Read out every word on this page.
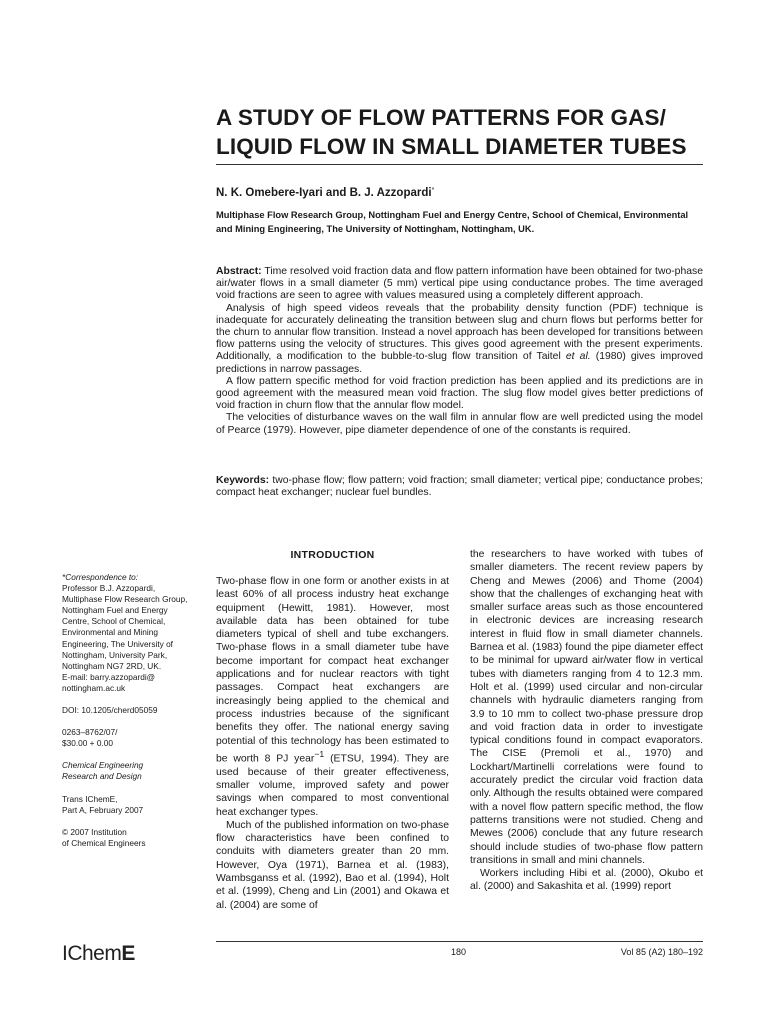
A STUDY OF FLOW PATTERNS FOR GAS/
LIQUID FLOW IN SMALL DIAMETER TUBES

N. K. Omebere-Iyari and B. J. Azzopardi*

Multiphase Flow Research Group, Nottingham Fuel and Energy Centre, School of Chemical, Environmental and Mining Engineering, The University of Nottingham, Nottingham, UK.

Abstract: Time resolved void fraction data and flow pattern information have been obtained for two-phase air/water flows in a small diameter (5 mm) vertical pipe using conductance probes. The time averaged void fractions are seen to agree with values measured using a completely different approach.

Analysis of high speed videos reveals that the probability density function (PDF) technique is inadequate for accurately delineating the transition between slug and churn flows but performs better for the churn to annular flow transition. Instead a novel approach has been developed for transitions between flow patterns using the velocity of structures. This gives good agreement with the present experiments. Additionally, a modification to the bubble-to-slug flow transition of Taitel et al. (1980) gives improved predictions in narrow passages.

A flow pattern specific method for void fraction prediction has been applied and its predictions are in good agreement with the measured mean void fraction. The slug flow model gives better predictions of void fraction in churn flow that the annular flow model.

The velocities of disturbance waves on the wall film in annular flow are well predicted using the model of Pearce (1979). However, pipe diameter dependence of one of the constants is required.

Keywords: two-phase flow; flow pattern; void fraction; small diameter; vertical pipe; conductance probes; compact heat exchanger; nuclear fuel bundles.

*Correspondence to:
Professor B.J. Azzopardi, Multiphase Flow Research Group, Nottingham Fuel and Energy Centre, School of Chemical, Environmental and Mining Engineering, The University of Nottingham, University Park, Nottingham NG7 2RD, UK.
E-mail: barry.azzopardi@
nottingham.ac.uk

DOI: 10.1205/cherd05059

0263–8762/07/
$30.00 + 0.00

Chemical Engineering
Research and Design

Trans IChemE,
Part A, February 2007

© 2007 Institution
of Chemical Engineers

INTRODUCTION

Two-phase flow in one form or another exists in at least 60% of all process industry heat exchange equipment (Hewitt, 1981). However, most available data has been obtained for tube diameters typical of shell and tube exchangers. Two-phase flows in a small diameter tube have become important for compact heat exchanger applications and for nuclear reactors with tight passages. Compact heat exchangers are increasingly being applied to the chemical and process industries because of the significant benefits they offer. The national energy saving potential of this technology has been estimated to be worth 8 PJ year$^{-1}$ (ETSU, 1994). They are used because of their greater effectiveness, smaller volume, improved safety and power savings when compared to most conventional heat exchanger types.

Much of the published information on two-phase flow characteristics have been confined to conduits with diameters greater than 20 mm. However, Oya (1971), Barnea et al. (1983), Wambsganss et al. (1992), Bao et al. (1994), Holt et al. (1999), Cheng and Lin (2001) and Okawa et al. (2004) are some of

the researchers to have worked with tubes of smaller diameters. The recent review papers by Cheng and Mewes (2006) and Thome (2004) show that the challenges of exchanging heat with smaller surface areas such as those encountered in electronic devices are increasing research interest in fluid flow in small diameter channels. Barnea et al. (1983) found the pipe diameter effect to be minimal for upward air/water flow in vertical tubes with diameters ranging from 4 to 12.3 mm. Holt et al. (1999) used circular and non-circular channels with hydraulic diameters ranging from 3.9 to 10 mm to collect two-phase pressure drop and void fraction data in order to investigate typical conditions found in compact evaporators. The CISE (Premoli et al., 1970) and Lockhart/Martinelli correlations were found to accurately predict the circular void fraction data only. Although the results obtained were compared with a novel flow pattern specific method, the flow patterns transitions were not studied. Cheng and Mewes (2006) conclude that any future research should include studies of two-phase flow pattern transitions in small and mini channels.

Workers including Hibi et al. (2000), Okubo et al. (2000) and Sakashita et al. (1999) report

IChemE	180	Vol 85 (A2) 180–192
